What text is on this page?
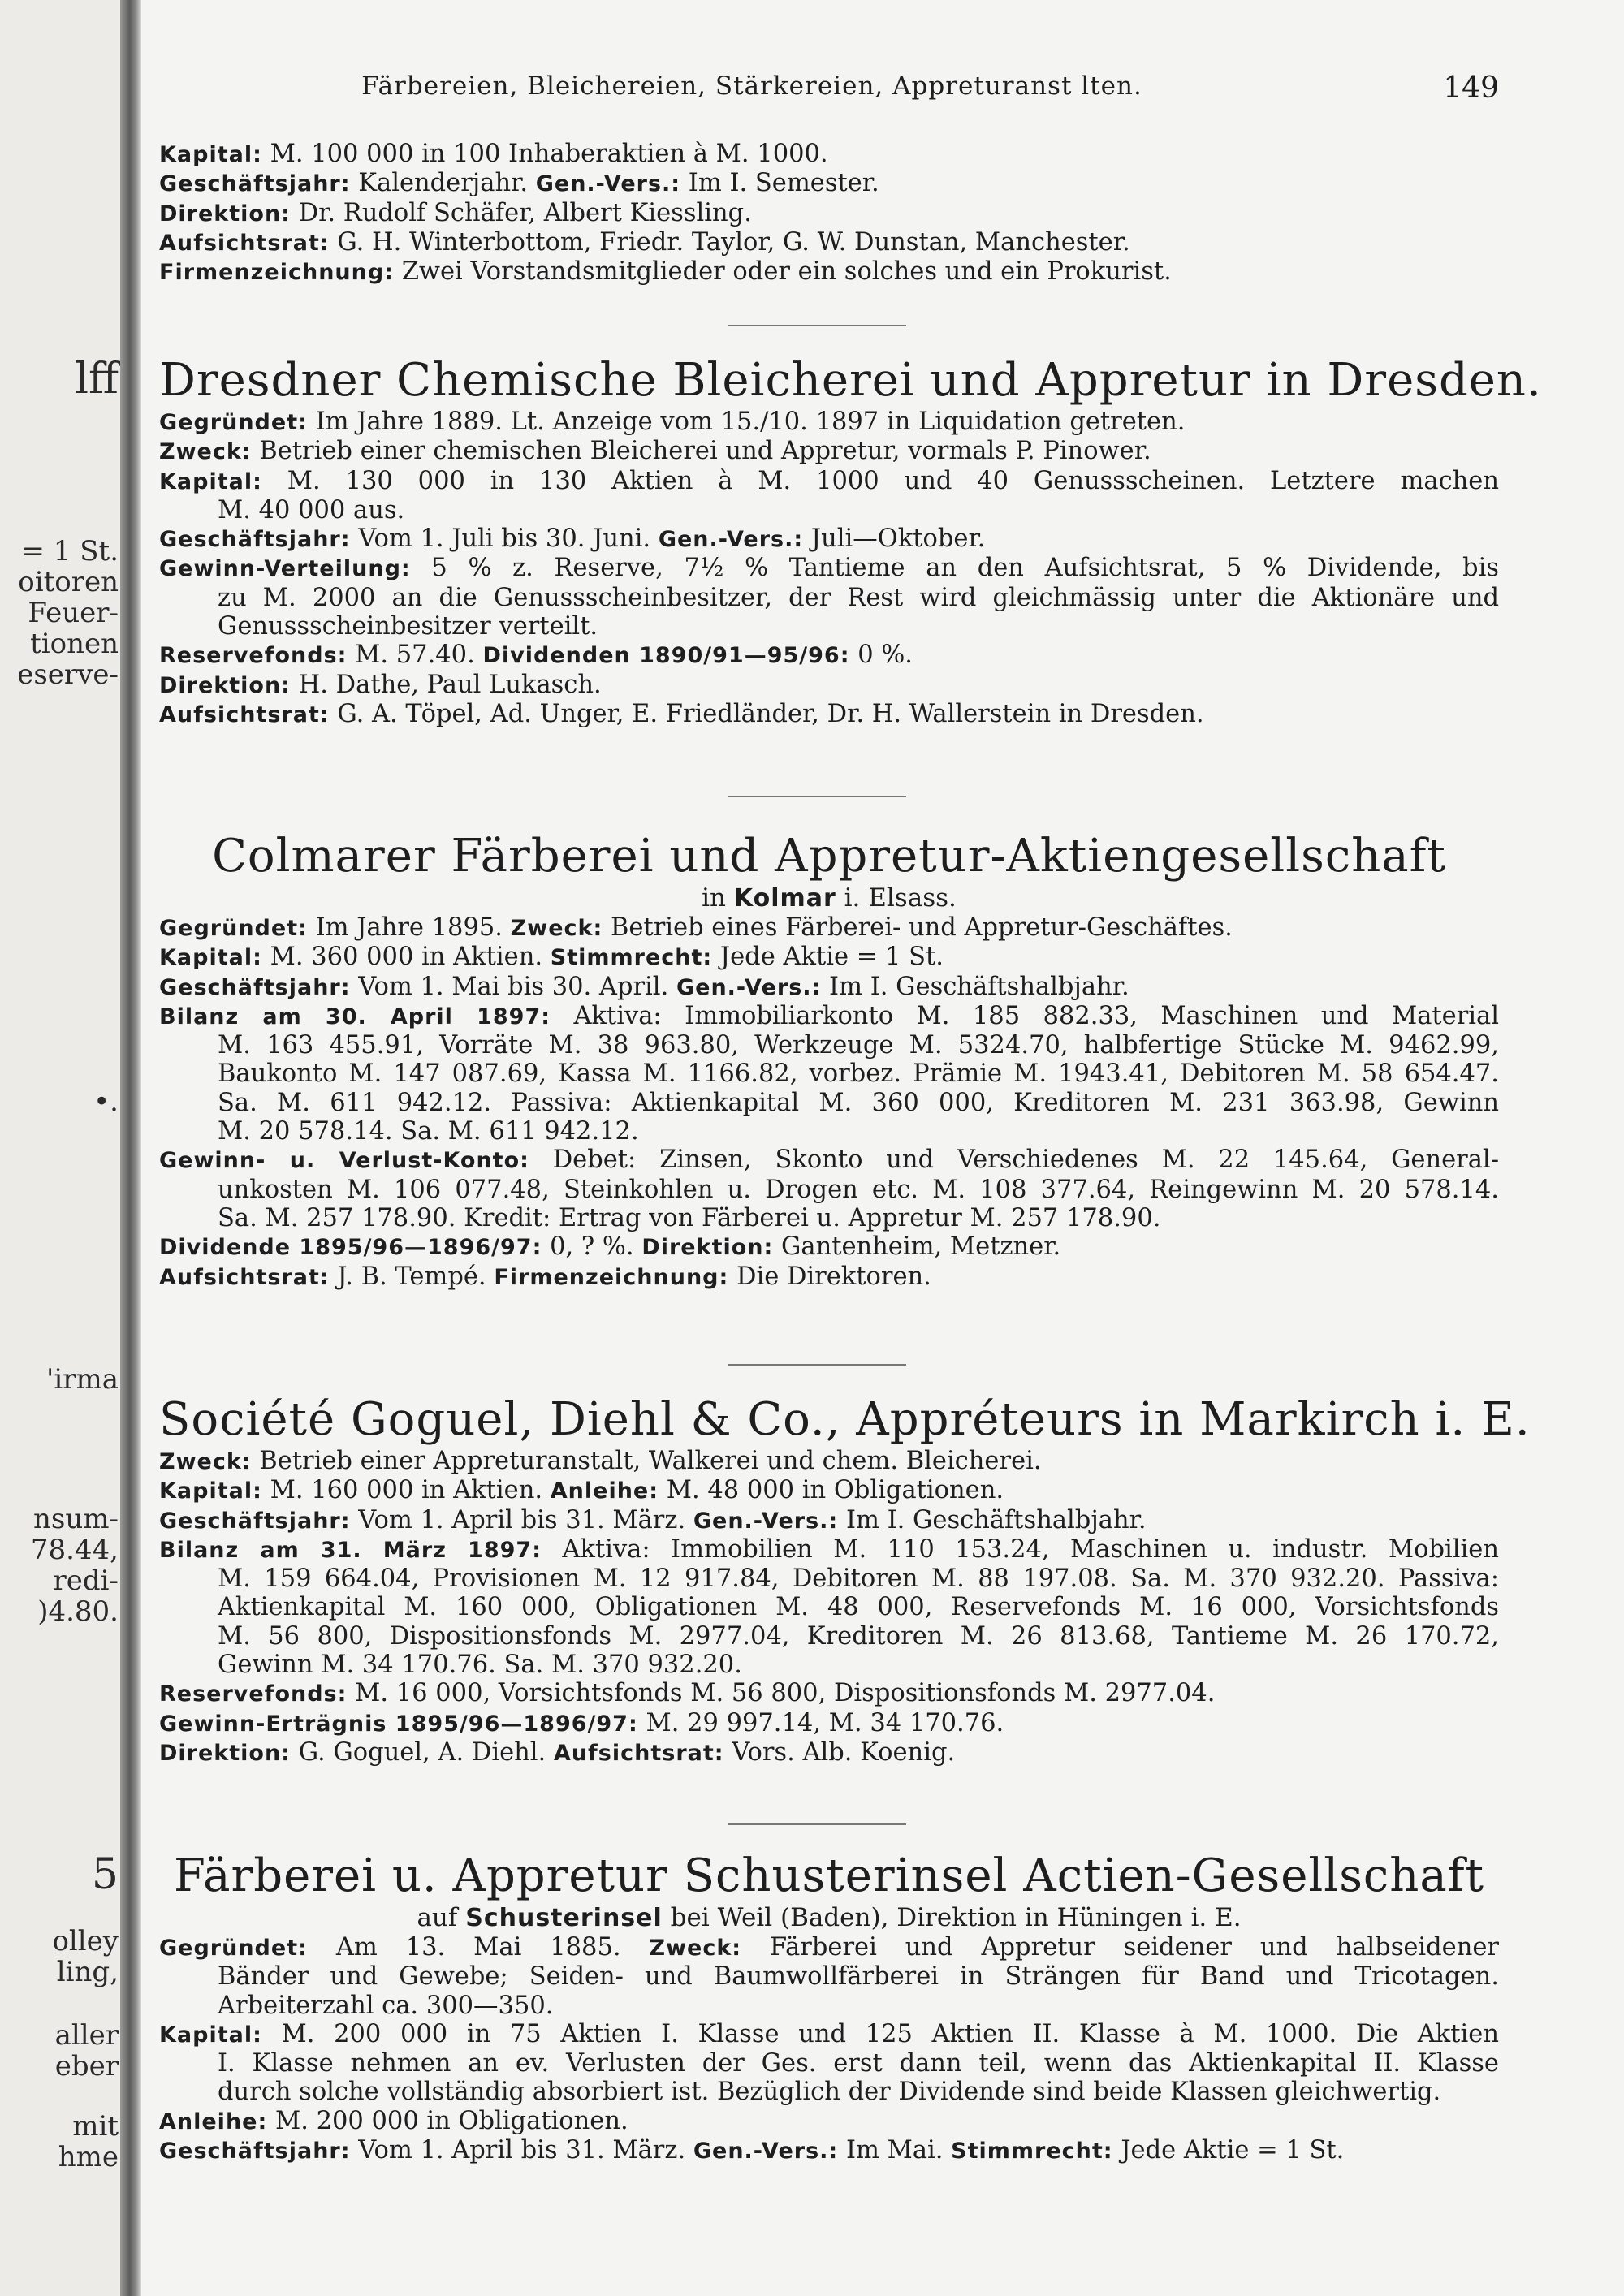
lff
= 1 St.
oitoren
Feuer-
tionen
eserve-
•.
'irma
nsum-
78.44,
redi-
)4.80.
5
olley
ling,
aller
eber
mit
hme
Färbereien, Bleichereien, Stärkereien, Appreturanst lten.	149
Kapital: M. 100 000 in 100 Inhaberaktien à M. 1000.
Geschäftsjahr: Kalenderjahr. Gen.-Vers.: Im I. Semester.
Direktion: Dr. Rudolf Schäfer, Albert Kiessling.
Aufsichtsrat: G. H. Winterbottom, Friedr. Taylor, G. W. Dunstan, Manchester.
Firmenzeichnung: Zwei Vorstandsmitglieder oder ein solches und ein Prokurist.
Dresdner Chemische Bleicherei und Appretur in Dresden.
Gegründet: Im Jahre 1889. Lt. Anzeige vom 15./10. 1897 in Liquidation getreten.
Zweck: Betrieb einer chemischen Bleicherei und Appretur, vormals P. Pinower.
Kapital: M. 130 000 in 130 Aktien à M. 1000 und 40 Genussscheinen. Letztere machen
M. 40 000 aus.
Geschäftsjahr: Vom 1. Juli bis 30. Juni. Gen.-Vers.: Juli—Oktober.
Gewinn-Verteilung: 5 % z. Reserve, 7½ % Tantieme an den Aufsichtsrat, 5 % Dividende, bis
zu M. 2000 an die Genussscheinbesitzer, der Rest wird gleichmässig unter die Aktionäre und
Genussscheinbesitzer verteilt.
Reservefonds: M. 57.40. Dividenden 1890/91—95/96: 0 %.
Direktion: H. Dathe, Paul Lukasch.
Aufsichtsrat: G. A. Töpel, Ad. Unger, E. Friedländer, Dr. H. Wallerstein in Dresden.
Colmarer Färberei und Appretur-Aktiengesellschaft
in Kolmar i. Elsass.
Gegründet: Im Jahre 1895. Zweck: Betrieb eines Färberei- und Appretur-Geschäftes.
Kapital: M. 360 000 in Aktien. Stimmrecht: Jede Aktie = 1 St.
Geschäftsjahr: Vom 1. Mai bis 30. April. Gen.-Vers.: Im I. Geschäftshalbjahr.
Bilanz am 30. April 1897: Aktiva: Immobiliarkonto M. 185 882.33, Maschinen und Material
M. 163 455.91, Vorräte M. 38 963.80, Werkzeuge M. 5324.70, halbfertige Stücke M. 9462.99,
Baukonto M. 147 087.69, Kassa M. 1166.82, vorbez. Prämie M. 1943.41, Debitoren M. 58 654.47.
Sa. M. 611 942.12. Passiva: Aktienkapital M. 360 000, Kreditoren M. 231 363.98, Gewinn
M. 20 578.14. Sa. M. 611 942.12.
Gewinn- u. Verlust-Konto: Debet: Zinsen, Skonto und Verschiedenes M. 22 145.64, General-
unkosten M. 106 077.48, Steinkohlen u. Drogen etc. M. 108 377.64, Reingewinn M. 20 578.14.
Sa. M. 257 178.90. Kredit: Ertrag von Färberei u. Appretur M. 257 178.90.
Dividende 1895/96—1896/97: 0, ? %. Direktion: Gantenheim, Metzner.
Aufsichtsrat: J. B. Tempé. Firmenzeichnung: Die Direktoren.
Société Goguel, Diehl & Co., Appréteurs in Markirch i. E.
Zweck: Betrieb einer Appreturanstalt, Walkerei und chem. Bleicherei.
Kapital: M. 160 000 in Aktien. Anleihe: M. 48 000 in Obligationen.
Geschäftsjahr: Vom 1. April bis 31. März. Gen.-Vers.: Im I. Geschäftshalbjahr.
Bilanz am 31. März 1897: Aktiva: Immobilien M. 110 153.24, Maschinen u. industr. Mobilien
M. 159 664.04, Provisionen M. 12 917.84, Debitoren M. 88 197.08. Sa. M. 370 932.20. Passiva:
Aktienkapital M. 160 000, Obligationen M. 48 000, Reservefonds M. 16 000, Vorsichtsfonds
M. 56 800, Dispositionsfonds M. 2977.04, Kreditoren M. 26 813.68, Tantieme M. 26 170.72,
Gewinn M. 34 170.76. Sa. M. 370 932.20.
Reservefonds: M. 16 000, Vorsichtsfonds M. 56 800, Dispositionsfonds M. 2977.04.
Gewinn-Erträgnis 1895/96—1896/97: M. 29 997.14, M. 34 170.76.
Direktion: G. Goguel, A. Diehl. Aufsichtsrat: Vors. Alb. Koenig.
Färberei u. Appretur Schusterinsel Actien-Gesellschaft
auf Schusterinsel bei Weil (Baden), Direktion in Hüningen i. E.
Gegründet: Am 13. Mai 1885. Zweck: Färberei und Appretur seidener und halbseidener
Bänder und Gewebe; Seiden- und Baumwollfärberei in Strängen für Band und Tricotagen.
Arbeiterzahl ca. 300—350.
Kapital: M. 200 000 in 75 Aktien I. Klasse und 125 Aktien II. Klasse à M. 1000. Die Aktien
I. Klasse nehmen an ev. Verlusten der Ges. erst dann teil, wenn das Aktienkapital II. Klasse
durch solche vollständig absorbiert ist. Bezüglich der Dividende sind beide Klassen gleichwertig.
Anleihe: M. 200 000 in Obligationen.
Geschäftsjahr: Vom 1. April bis 31. März. Gen.-Vers.: Im Mai. Stimmrecht: Jede Aktie = 1 St.
